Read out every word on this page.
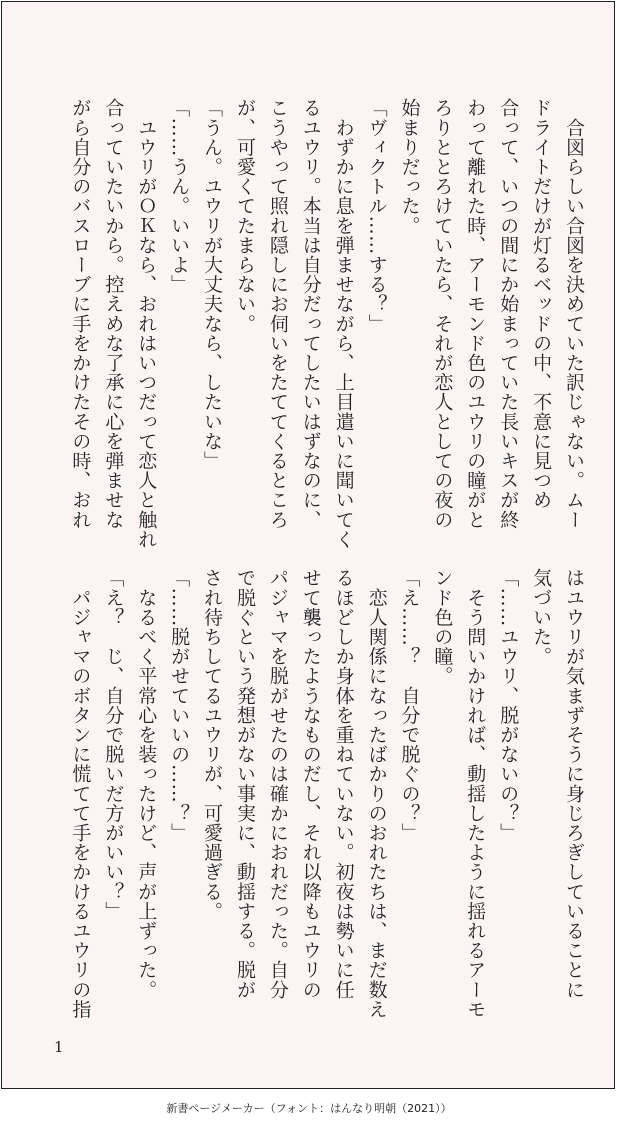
　合図らしい合図を決めていた訳じゃない。ムー

ドライトだけが灯るベッドの中、不意に見つめ

合って、いつの間にか始まっていた長いキスが終

わって離れた時、アーモンド色のユウリの瞳がと

ろりととろけていたら、それが恋人としての夜の

始まりだった。

「ヴィクトル……する？」

　わずかに息を弾ませながら、上目遣いに聞いてく

るユウリ。本当は自分だってしたいはずなのに、

こうやって照れ隠しにお伺いをたててくるところ

が、可愛くてたまらない。

「うん。ユウリが大丈夫なら、したいな」

「……うん。いいよ」

　ユウリがＯＫなら、おれはいつだって恋人と触れ

合っていたいから。控えめな了承に心を弾ませな

がら自分のバスローブに手をかけたその時、おれ

はユウリが気まずそうに身じろぎしていることに

気づいた。

「……ユウリ、脱がないの？」

　そう問いかければ、動揺したように揺れるアーモ

ンド色の瞳。

「え……？　自分で脱ぐの？」

　恋人関係になったばかりのおれたちは、まだ数え

るほどしか身体を重ねていない。初夜は勢いに任

せて襲ったようなものだし、それ以降もユウリの

パジャマを脱がせたのは確かにおれだった。自分

で脱ぐという発想がない事実に、動揺する。脱が

され待ちしてるユウリが、可愛過ぎる。

「……脱がせていいの……？」

　なるべく平常心を装ったけど、声が上ずった。

「え？　じ、自分で脱いだ方がいい？」

　パジャマのボタンに慌てて手をかけるユウリの指

1
新書ページメーカー（フォント：はんなり明朝（2021））
